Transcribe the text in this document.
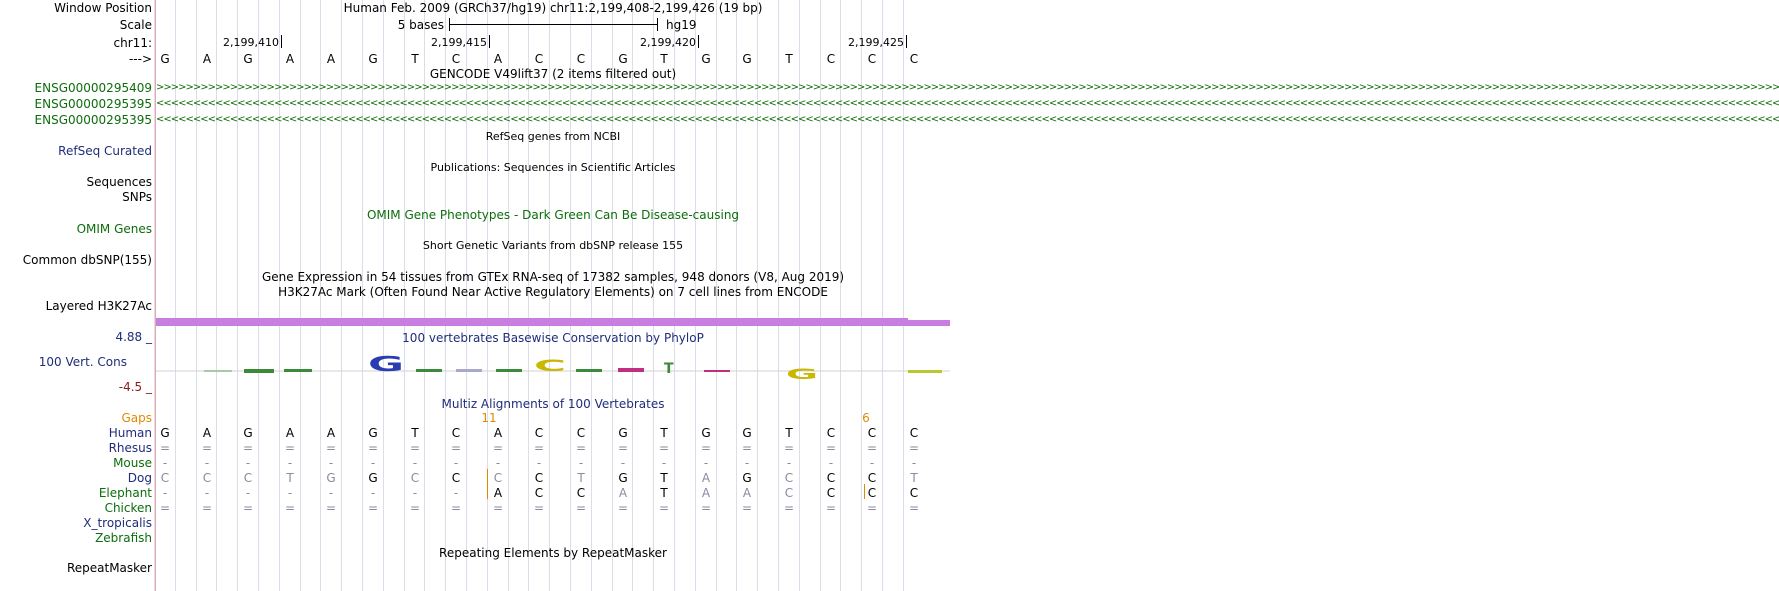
Window Position
Scale
chr11:
--->
ENSG00000295409
ENSG00000295395
ENSG00000295395
RefSeq Curated
Sequences
SNPs
OMIM Genes
Common dbSNP(155)
Layered H3K27Ac
4.88 _
100 Vert. Cons
-4.5 _
Gaps
Human
Rhesus
Mouse
Dog
Elephant
Chicken
X_tropicalis
Zebrafish
RepeatMasker
Human Feb. 2009 (GRCh37/hg19) chr11:2,199,408-2,199,426 (19 bp)
5 bases	hg19
2,199,410	2,199,415	2,199,420	2,199,425
G	A	G	A	A	G	T	C	A	C	C	G	T	G	G	T	C	C	C
GENCODE V49lift37 (2 items filtered out)
>>>>>>>>>>>>>>>>>>>>>>>>>>>>>>>>>>>>>>>>>>>>>>>>>>>>>>>>>>>>>>>>>>>>>>>>>>>>>>>>>>>>>>>>>>>>>>>>>>>>>>>>>>>>>>>>>>>>>>>>>>>>>>>>>>>>>>>>>>>>>>>>>>>>>>>>>>>>>>>>>>>>>>>>>>>>>>>>>>>>>>>>>>>>>>>>>>>>>>>>>>>>>>>>>>>>>>>>>>>>
<<<<<<<<<<<<<<<<<<<<<<<<<<<<<<<<<<<<<<<<<<<<<<<<<<<<<<<<<<<<<<<<<<<<<<<<<<<<<<<<<<<<<<<<<<<<<<<<<<<<<<<<<<<<<<<<<<<<<<<<<<<<<<<<<<<<<<<<<<<<<<<<<<<<<<<<<<<<<<<<<<<<<<<<<<<<<<<<<<<<<<<<<<<<<<<<<<<<<<<<<<<<<<<<<<<<<<<<<<<<
<<<<<<<<<<<<<<<<<<<<<<<<<<<<<<<<<<<<<<<<<<<<<<<<<<<<<<<<<<<<<<<<<<<<<<<<<<<<<<<<<<<<<<<<<<<<<<<<<<<<<<<<<<<<<<<<<<<<<<<<<<<<<<<<<<<<<<<<<<<<<<<<<<<<<<<<<<<<<<<<<<<<<<<<<<<<<<<<<<<<<<<<<<<<<<<<<<<<<<<<<<<<<<<<<<<<<<<<<<<<
RefSeq genes from NCBI
Publications: Sequences in Scientific Articles
OMIM Gene Phenotypes - Dark Green Can Be Disease-causing
Short Genetic Variants from dbSNP release 155
Gene Expression in 54 tissues from GTEx RNA-seq of 17382 samples, 948 donors (V8, Aug 2019)
H3K27Ac Mark (Often Found Near Active Regulatory Elements) on 7 cell lines from ENCODE
100 vertebrates Basewise Conservation by PhyloP
G	C	T	G
Multiz Alignments of 100 Vertebrates
11	6
G	A	G	A	A	G	T	C	A	C	C	G	T	G	G	T	C	C	C
=	=	=	=	=	=	=	=	=	=	=	=	=	=	=	=	=	=	=
-	-	-	-	-	-	-	-	-	-	-	-	-	-	-	-	-	-	-
C	C	C	T	G	G	C	C	C	C	T	G	T	A	G	C	C	C	T
-	-	-	-	-	-	-	-	A	C	C	A	T	A	A	C	C	C	C
=	=	=	=	=	=	=	=	=	=	=	=	=	=	=	=	=	=	=
Repeating Elements by RepeatMasker
